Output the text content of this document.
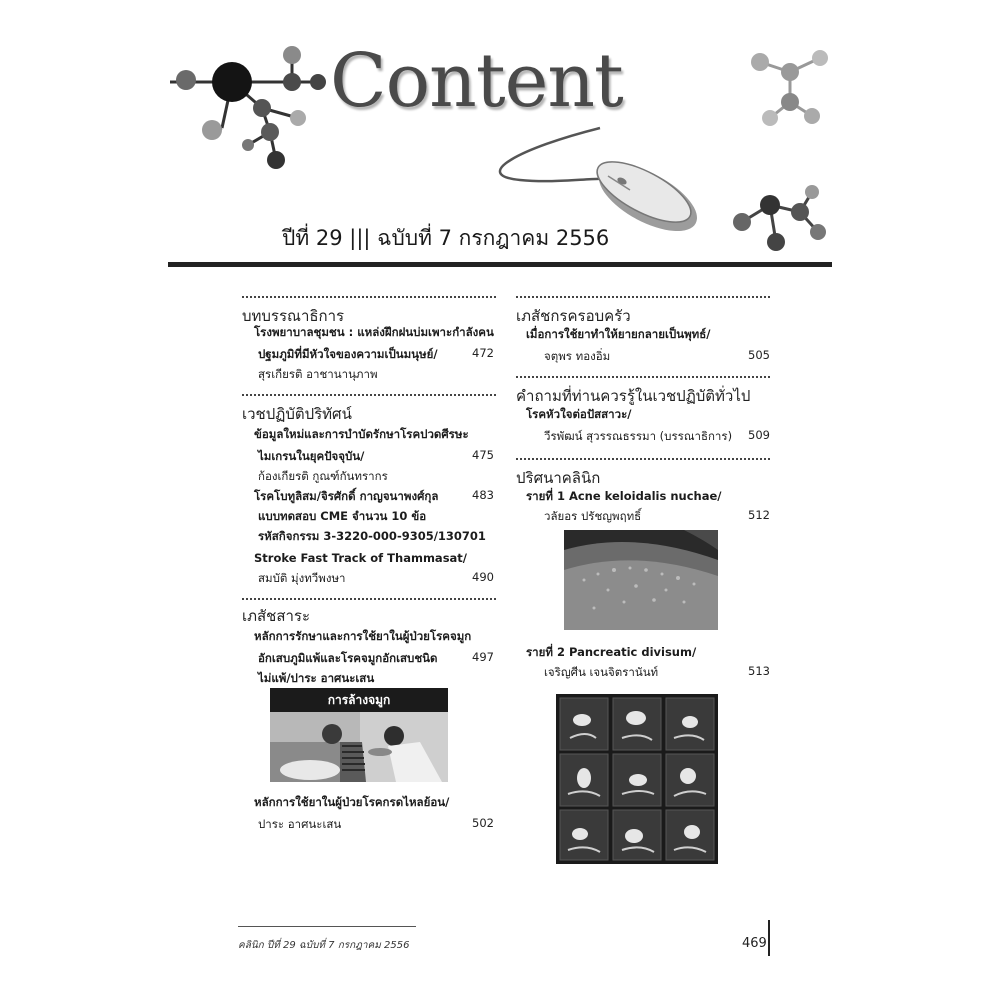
Content
ปีที่ 29 ||| ฉบับที่ 7 กรกฎาคม 2556
บทบรรณาธิการ
โรงพยาบาลชุมชน : แหล่งฝึกฝนบ่มเพาะกำลังคน
ปฐมภูมิที่มีหัวใจของความเป็นมนุษย์/	472
สุรเกียรติ อาชานานุภาพ
เวชปฏิบัติปริทัศน์
ข้อมูลใหม่และการบำบัดรักษาโรคปวดศีรษะ
ไมเกรนในยุคปัจจุบัน/	475
ก้องเกียรติ กูณฑ์กันทรากร
โรคโบทูลิสม/จิรศักดิ์ กาญจนาพงศ์กุล	483
แบบทดสอบ CME จำนวน 10 ข้อ
รหัสกิจกรรม 3-3220-000-9305/130701
Stroke Fast Track of Thammasat/
สมบัติ มุ่งทวีพงษา	490
เภสัชสาระ
หลักการรักษาและการใช้ยาในผู้ป่วยโรคจมูก
อักเสบภูมิแพ้และโรคจมูกอักเสบชนิด	497
ไม่แพ้/ปาระ อาศนะเสน
การล้างจมูก
หลักการใช้ยาในผู้ป่วยโรคกรดไหลย้อน/
ปาระ อาศนะเสน	502
เภสัชกรครอบครัว
เมื่อการใช้ยาทำให้ยายกลายเป็นพุทธ์/
จตุพร ทองอิ่ม	505
คำถามที่ท่านควรรู้ในเวชปฏิบัติทั่วไป
โรคหัวใจต่อปัสสาวะ/
วีรพัฒน์ สุวรรณธรรมา (บรรณาธิการ)	509
ปริศนาคลินิก
รายที่ 1 Acne keloidalis nuchae/
วลัยอร ปรัชญพฤทธิ์	512
รายที่ 2 Pancreatic divisum/
เจริญศีน เจนจิตรานันท์	513
คลินิก ปีที่ 29 ฉบับที่ 7 กรกฎาคม 2556	469
